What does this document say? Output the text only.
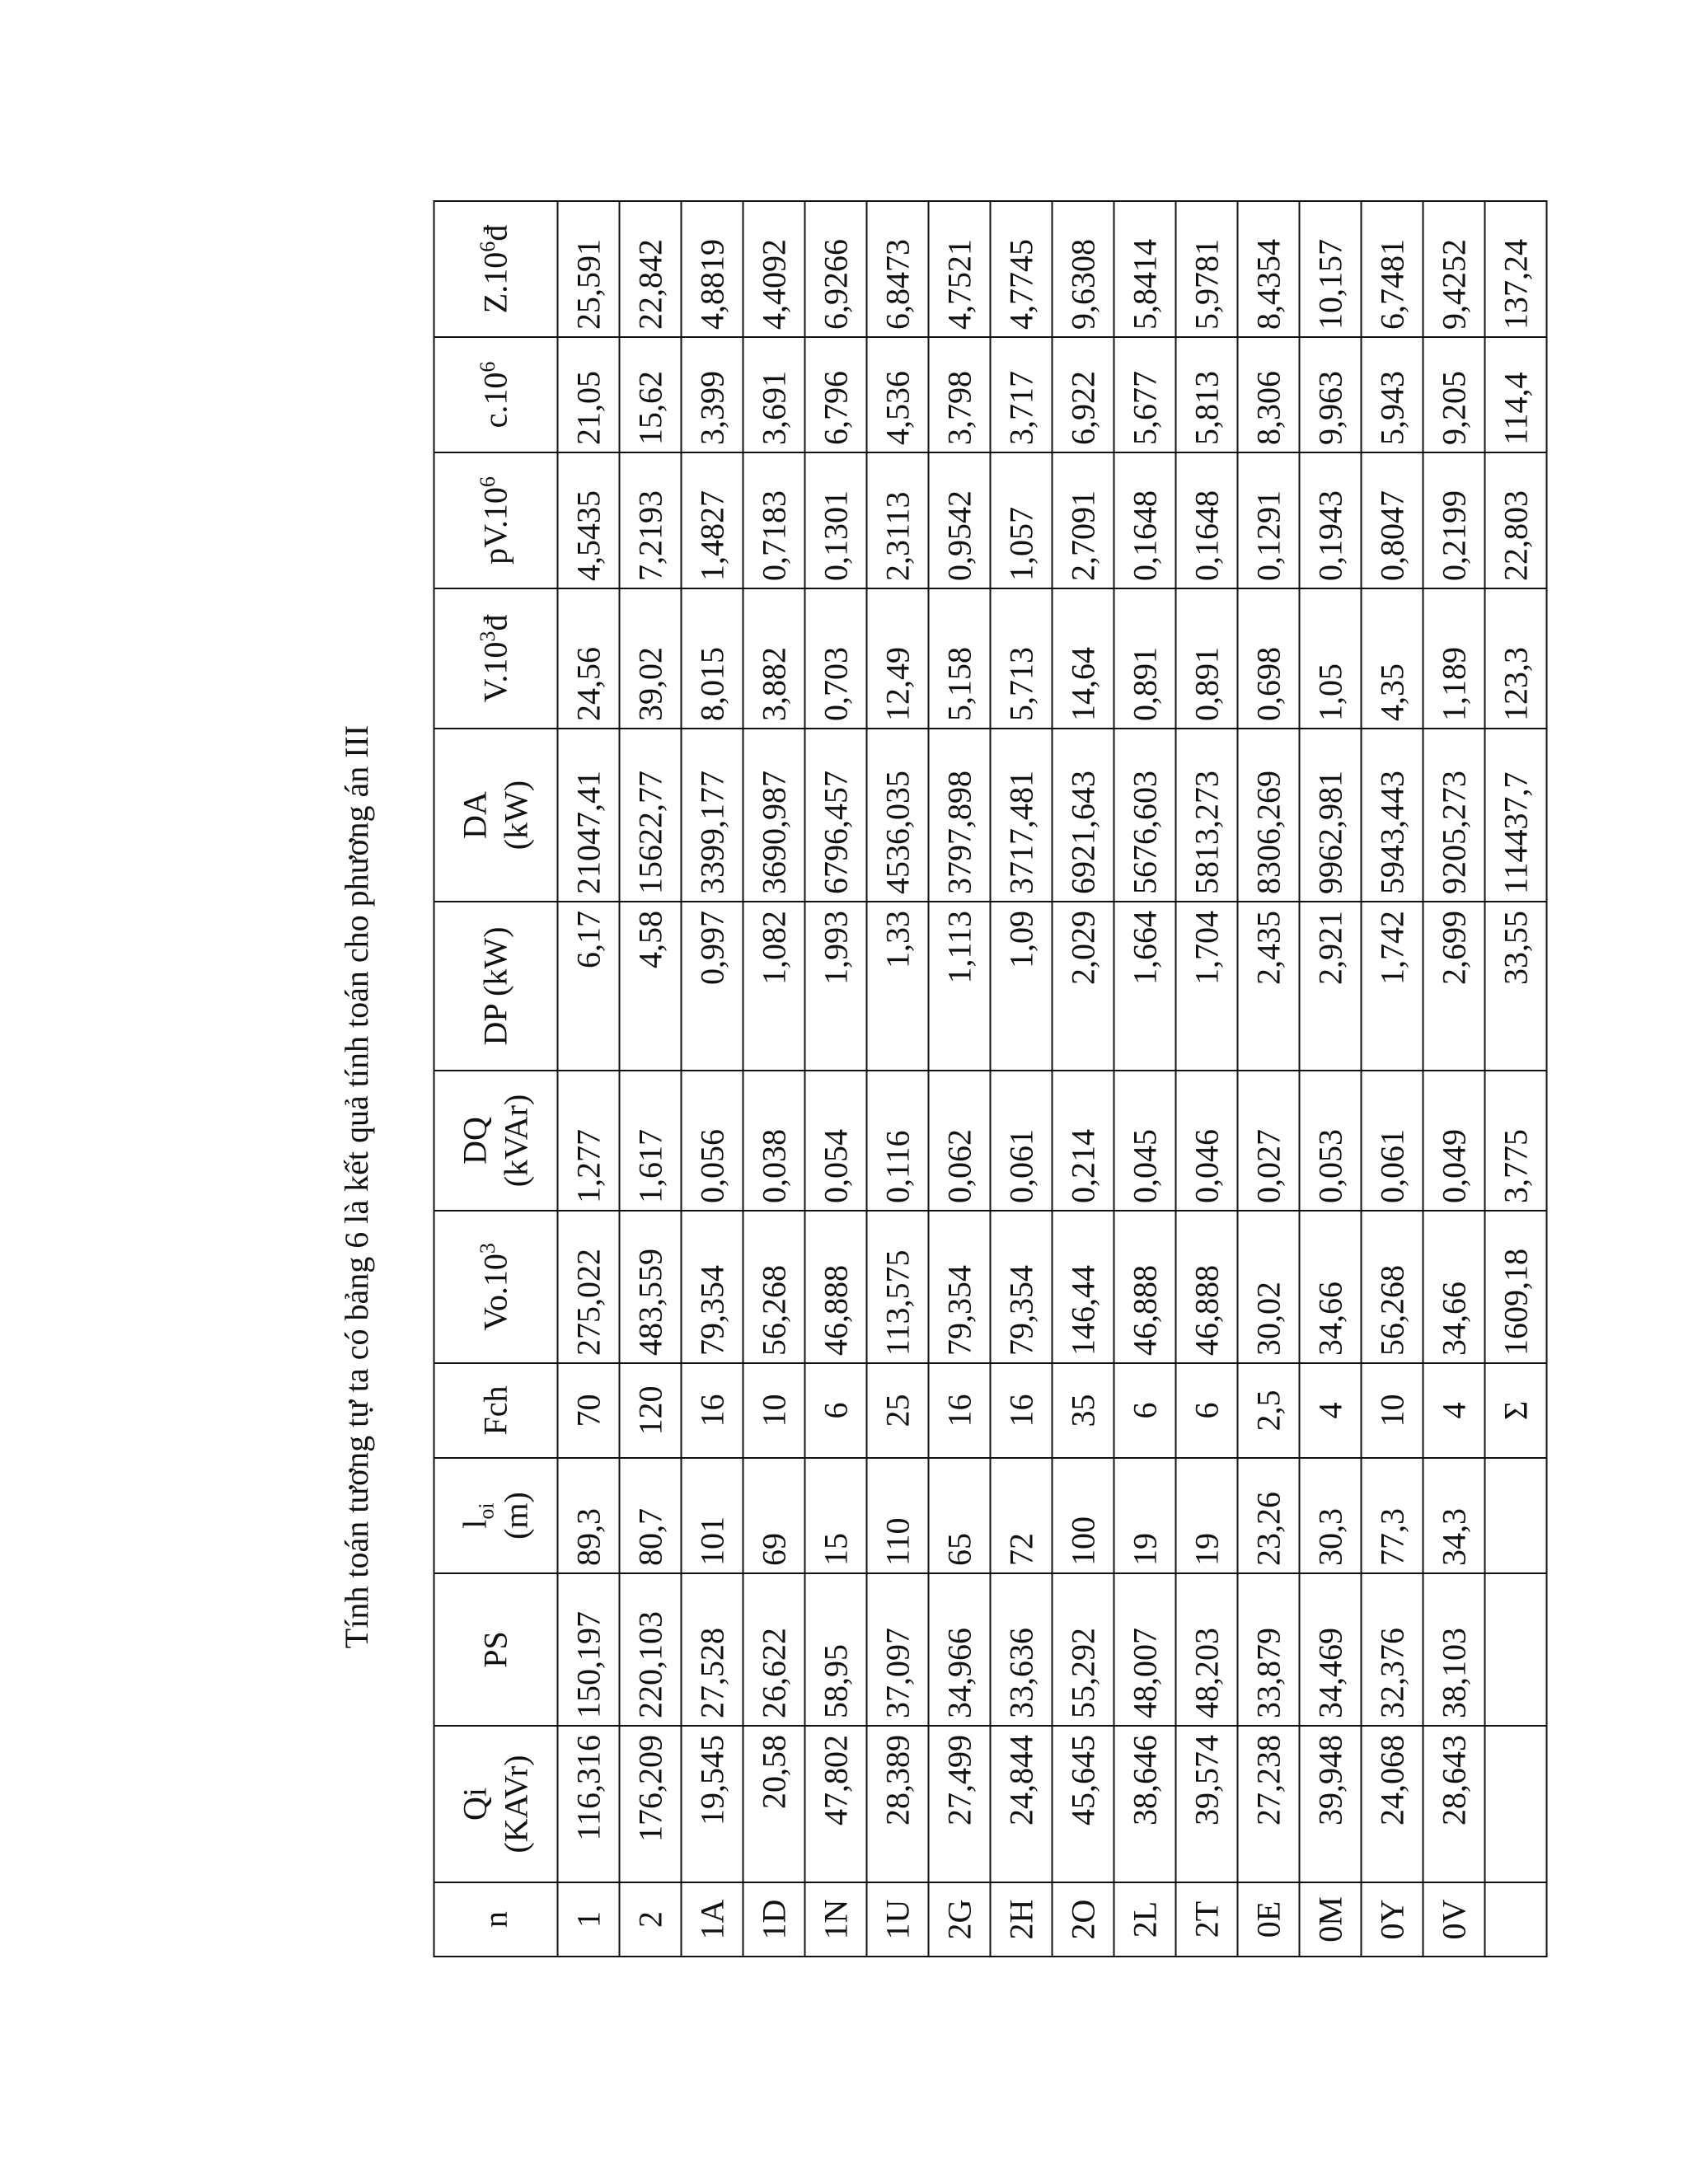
Tính toán tương tự ta có bảng 6 là kết quả tính toán cho phương án III
n	Qi (KAVr)	PS	$l_{oi}$
(m)	Fch	$Vo.10^3$	DQ (kVAr)	DP (kW)	DA (kW)	$V.10^3đ$	$pV.10^6$	$c.10^6$	$Z.10^6đ$
1	116,316	150,197	89,3	70	275,022	1,277	6,17	21047,41	24,56	4,5435	21,05	25,591
2	176,209	220,103	80,7	120	483,559	1,617	4,58	15622,77	39,02	7,2193	15,62	22,842
1A	19,545	27,528	101	16	79,354	0,056	0,997	3399,177	8,015	1,4827	3,399	4,8819
1D	20,58	26,622	69	10	56,268	0,038	1,082	3690,987	3,882	0,7183	3,691	4,4092
1N	47,802	58,95	15	6	46,888	0,054	1,993	6796,457	0,703	0,1301	6,796	6,9266
1U	28,389	37,097	110	25	113,575	0,116	1,33	4536,035	12,49	2,3113	4,536	6,8473
2G	27,499	34,966	65	16	79,354	0,062	1,113	3797,898	5,158	0,9542	3,798	4,7521
2H	24,844	33,636	72	16	79,354	0,061	1,09	3717,481	5,713	1,057	3,717	4,7745
2O	45,645	55,292	100	35	146,44	0,214	2,029	6921,643	14,64	2,7091	6,922	9,6308
2L	38,646	48,007	19	6	46,888	0,045	1,664	5676,603	0,891	0,1648	5,677	5,8414
2T	39,574	48,203	19	6	46,888	0,046	1,704	5813,273	0,891	0,1648	5,813	5,9781
0E	27,238	33,879	23,26	2,5	30,02	0,027	2,435	8306,269	0,698	0,1291	8,306	8,4354
0M	39,948	34,469	30,3	4	34,66	0,053	2,921	9962,981	1,05	0,1943	9,963	10,157
0Y	24,068	32,376	77,3	10	56,268	0,061	1,742	5943,443	4,35	0,8047	5,943	6,7481
0V	28,643	38,103	34,3	4	34,66	0,049	2,699	9205,273	1,189	0,2199	9,205	9,4252
				Σ	1609,18	3,775	33,55	114437,7	123,3	22,803	114,4	137,24
